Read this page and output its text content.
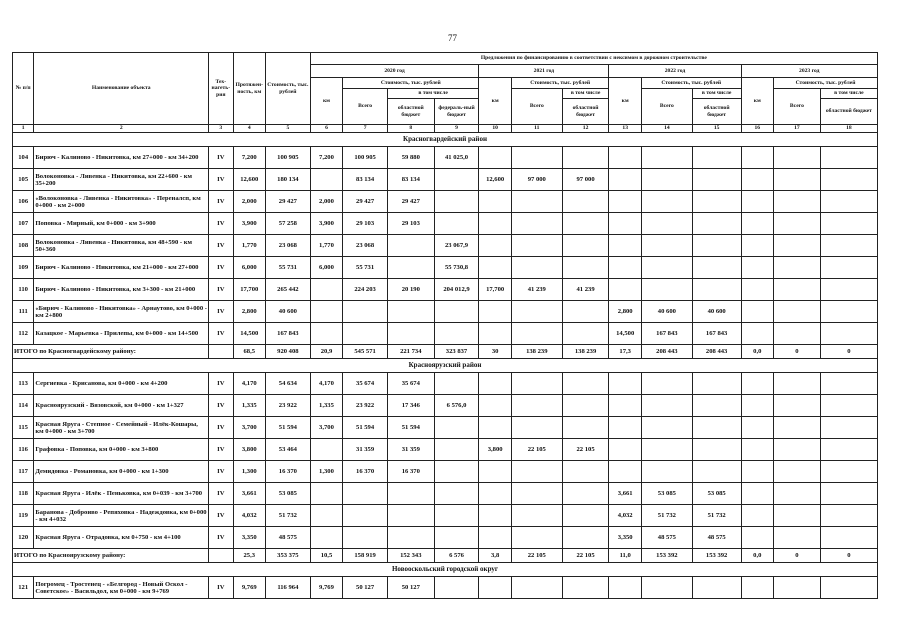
77
№ п/п	Наименование объекта	Тех-нагеть-рия	Протяжен-ность, км	Стоимость, тыс. рублей	Предложения по финансированию в соответствии с нексимом в дорожном строительстве												
					2020 год				2021 год			2022 год			2023 год		
					км	Стоимость, тыс. рублей			км	Стоимость, тыс. рублей		км	Стоимость, тыс. рублей		км	Стоимость, тыс. рублей	
						Всего	в том числе			Всего	в том числе		Всего	в том числе		Всего	в том числе
							областной бюджет	федераль-ный бюджет			областной бюджет			областной бюджет			областной бюджет
1	2	3	4	5	6	7	8	9	10	11	12	13	14	15	16	17	18
Красногвардейский район																	
104	Бирюч - Калиново - Никитовка, км 27+000 - км 34+200	IV	7,200	100 905	7,200	100 905	59 880	41 025,0									
105	Волоконовка - Ливенка - Никитовка, км 22+600 - км 35+200	IV	12,600	180 134		83 134	83 134		12,600	97 000	97 000						
106	«Волоконовка - Ливенка - Никитовка» - Переналсп, км 0+000 - км 2+000	IV	2,000	29 427	2,000	29 427	29 427										
107	Поповка - Мирный, км 0+000 - км 3+900	IV	3,900	57 258	3,900	29 103	29 103										
108	Волоконовка - Ливенка - Никитовка, км 48+590 - км 50+360	IV	1,770	23 068	1,770	23 068		23 067,9									
109	Бирюч - Калиново - Никитовка, км 21+000 - км 27+000	IV	6,000	55 731	6,000	55 731		55 730,8									
110	Бирюч - Калиново - Никитовка, км 3+300 - км 21+000	IV	17,700	265 442		224 203	20 190	204 012,9	17,700	41 239	41 239						
111	«Бирюч - Калиново - Никитовка» - Арнаутово, км 0+000 - км 2+800	IV	2,800	40 600								2,800	40 600	40 600			
112	Казацкое - Марьевка - Прилепы, км 0+000 - км 14+500	IV	14,500	167 843								14,500	167 843	167 843			
ИТОГО по Красногвардейскому району:			68,5	920 408	20,9	545 571	221 734	323 837	30	138 239	138 239	17,3	208 443	208 443	0,0	0	0
Красноярузский район																	
113	Сергиевка - Крисанова, км 0+000 - км 4+200	IV	4,170	54 634	4,170	35 674	35 674										
114	Красноярузский - Вязовской, км 0+000 - км 1+327	IV	1,335	23 922	1,335	23 922	17 346	6 576,0									
115	Красная Яруга - Степное - Семейный - Илёк-Кошары, км 0+000 - км 3+700	IV	3,700	51 594	3,700	51 594	51 594										
116	Графовка - Поповка, км 0+000 - км 3+800	IV	3,800	53 464		31 359	31 359		3,800	22 105	22 105						
117	Демидовка - Романовка, км 0+000 - км 1+300	IV	1,300	16 370	1,300	16 370	16 370										
118	Красная Яруга - Илёк - Пеньковка, км 0+039 - км 3+700	IV	3,661	53 085								3,661	53 085	53 085			
119	Баранова - Доброиво - Репяховка - Надеждовка, км 0+000 - км 4+032	IV	4,032	51 732								4,032	51 732	51 732			
120	Красная Яруга - Отрадовка, км 0+750 - км 4+100	IV	3,350	48 575								3,350	48 575	48 575			
ИТОГО по Красноярузскому району:			25,3	353 375	10,5	158 919	152 343	6 576	3,8	22 105	22 105	11,0	153 392	153 392	0,0	0	0
Новооскольский городской округ																	
121	Погромец - Тростенец - «Белгород - Новый Оскол - Советское» - Васильдол, км 0+000 - км 9+769	IV	9,769	116 964	9,769	50 127	50 127										
